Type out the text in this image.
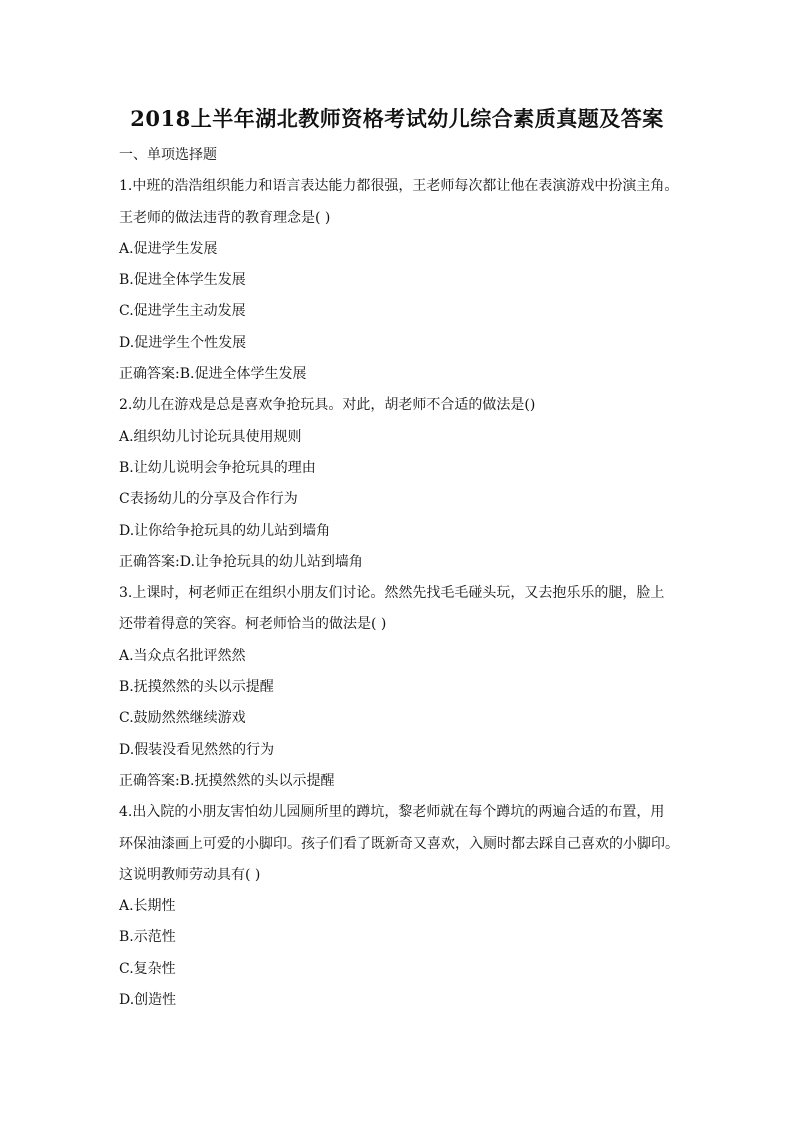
2018上半年湖北教师资格考试幼儿综合素质真题及答案
一、单项选择题
1.中班的浩浩组织能力和语言表达能力都很强，王老师每次都让他在表演游戏中扮演主角。
王老师的做法违背的教育理念是( )
A.促进学生发展
B.促进全体学生发展
C.促进学生主动发展
D.促进学生个性发展
正确答案:B.促进全体学生发展
2.幼儿在游戏是总是喜欢争抢玩具。对此，胡老师不合适的做法是()
A.组织幼儿讨论玩具使用规则
B.让幼儿说明会争抢玩具的理由
C表扬幼儿的分享及合作行为
D.让你给争抢玩具的幼儿站到墙角
正确答案:D.让争抢玩具的幼儿站到墙角
3.上课时，柯老师正在组织小朋友们讨论。然然先找毛毛碰头玩，又去抱乐乐的腿，脸上
还带着得意的笑容。柯老师恰当的做法是( )
A.当众点名批评然然
B.抚摸然然的头以示提醒
C.鼓励然然继续游戏
D.假装没看见然然的行为
正确答案:B.抚摸然然的头以示提醒
4.出入院的小朋友害怕幼儿园厕所里的蹲坑，黎老师就在每个蹲坑的两遍合适的布置，用
环保油漆画上可爱的小脚印。孩子们看了既新奇又喜欢，入厕时都去踩自己喜欢的小脚印。
这说明教师劳动具有( )
A.长期性
B.示范性
C.复杂性
D.创造性
